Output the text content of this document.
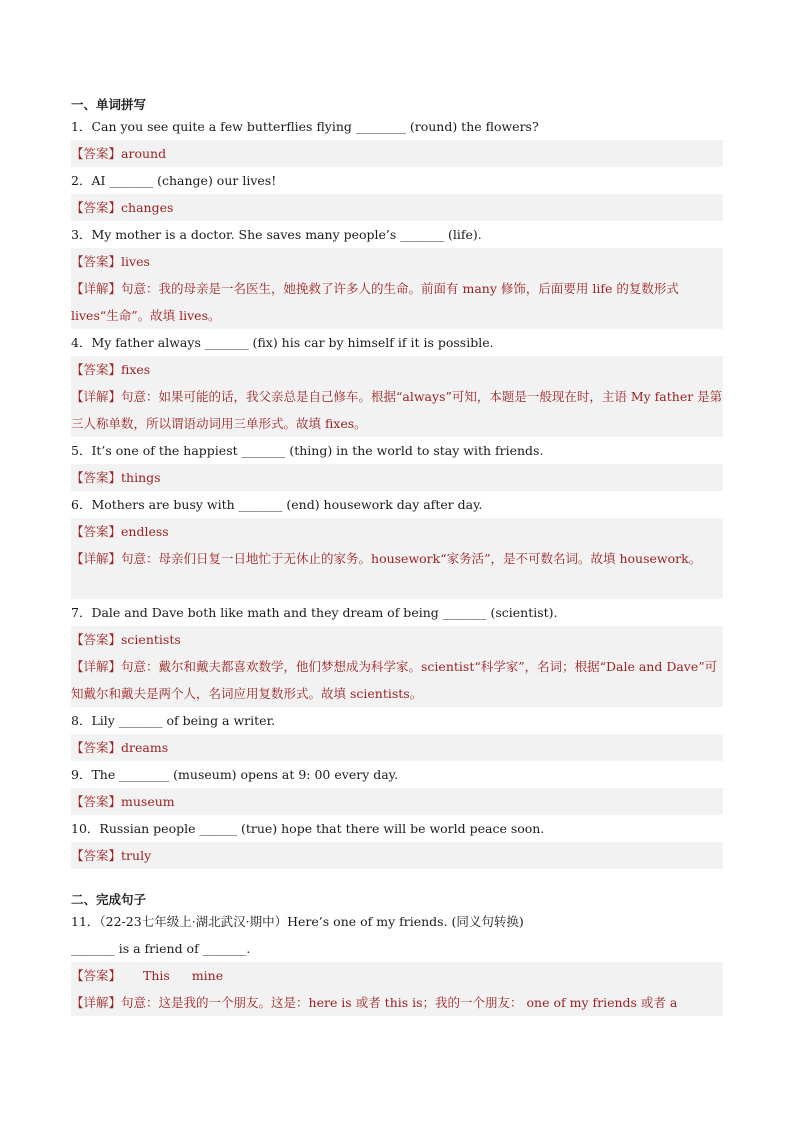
一、单词拼写
1．Can you see quite a few butterflies flying ________ (round) the flowers?
【答案】around
2．AI _______ (change) our lives!
【答案】changes
3．My mother is a doctor. She saves many people’s _______ (life).
【答案】lives
【详解】句意：我的母亲是一名医生，她挽救了许多人的生命。前面有 many 修饰，后面要用 life 的复数形式 lives“生命”。故填 lives。
4．My father always _______ (fix) his car by himself if it is possible.
【答案】fixes
【详解】句意：如果可能的话，我父亲总是自己修车。根据“always”可知，本题是一般现在时，主语 My father 是第三人称单数，所以谓语动词用三单形式。故填 fixes。
5．It’s one of the happiest _______ (thing) in the world to stay with friends.
【答案】things
6．Mothers are busy with _______ (end) housework day after day.
【答案】endless
【详解】句意：母亲们日复一日地忙于无休止的家务。housework“家务活”，是不可数名词。故填 housework。
7．Dale and Dave both like math and they dream of being _______ (scientist).
【答案】scientists
【详解】句意：戴尔和戴夫都喜欢数学，他们梦想成为科学家。scientist“科学家”，名词；根据“Dale and Dave”可知戴尔和戴夫是两个人，名词应用复数形式。故填 scientists。
8．Lily _______ of being a writer.
【答案】dreams
9．The ________ (museum) opens at 9: 00 every day.
【答案】museum
10．Russian people ______ (true) hope that there will be world peace soon.
【答案】truly
二、完成句子
11．（22-23七年级上·湖北武汉·期中）Here’s one of my friends. (同义句转换)
_______ is a friend of _______.
【答案】 This mine
【详解】句意：这是我的一个朋友。这是：here is 或者 this is；我的一个朋友： one of my friends 或者 a
